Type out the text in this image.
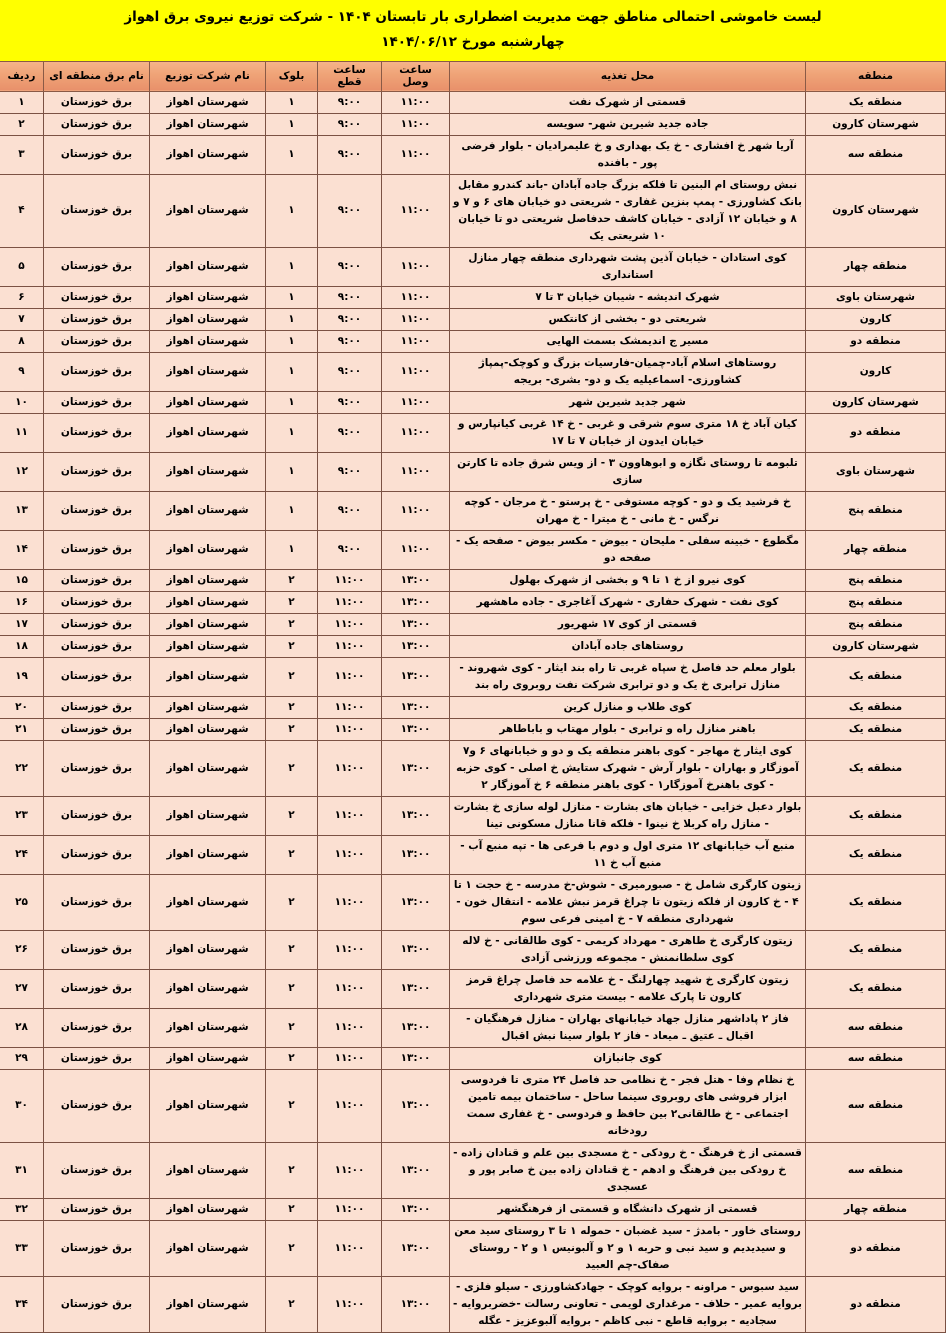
لیست خاموشی احتمالی مناطق جهت مدیریت اضطراری بار تابستان ۱۴۰۴ - شرکت توزیع نیروی برق اهواز
چهارشنبه مورخ ۱۴۰۴/۰۶/۱۲
منطقه	محل تغذیه	ساعت وصل	ساعت قطع	بلوک	نام شرکت توزیع	نام برق منطقه ای	ردیف
منطقه یک	قسمتی از شهرک نفت	۱۱:۰۰	۹:۰۰	۱	شهرستان اهواز	برق خوزستان	۱
شهرستان کارون	جاده جدید شیرین شهر- سویسه	۱۱:۰۰	۹:۰۰	۱	شهرستان اهواز	برق خوزستان	۲
منطقه سه	آریا شهر خ افشاری - خ یک بهداری و خ علیمرادیان - بلوار فرضی پور - بافنده	۱۱:۰۰	۹:۰۰	۱	شهرستان اهواز	برق خوزستان	۳
شهرستان کارون	نبش روستای ام البنین تا فلکه بزرگ جاده آبادان -باند کندرو مقابل بانک کشاورزی - پمپ بنزین غفاری - شریعتی دو خیابان های ۶ و ۷ و ۸ و خیابان ۱۲ آزادی - خیابان کاشف حدفاصل شریعتی دو تا خیابان ۱۰ شریعتی یک	۱۱:۰۰	۹:۰۰	۱	شهرستان اهواز	برق خوزستان	۴
منطقه چهار	کوی استادان - خیابان آذین پشت شهرداری منطقه چهار منازل استانداری	۱۱:۰۰	۹:۰۰	۱	شهرستان اهواز	برق خوزستان	۵
شهرستان باوی	شهرک اندیشه - شیبان خیابان ۳ تا ۷	۱۱:۰۰	۹:۰۰	۱	شهرستان اهواز	برق خوزستان	۶
کارون	شریعتی دو - بخشی از کانتکس	۱۱:۰۰	۹:۰۰	۱	شهرستان اهواز	برق خوزستان	۷
منطقه دو	مسیر ج اندیمشک بسمت الهایی	۱۱:۰۰	۹:۰۰	۱	شهرستان اهواز	برق خوزستان	۸
کارون	روستاهای اسلام آباد-چمیان-فارسیات بزرگ و کوچک-پمپاژ کشاورزی- اسماعیلیه یک و دو- بشری- بریجه	۱۱:۰۰	۹:۰۰	۱	شهرستان اهواز	برق خوزستان	۹
شهرستان کارون	شهر جدید شیرین شهر	۱۱:۰۰	۹:۰۰	۱	شهرستان اهواز	برق خوزستان	۱۰
منطقه دو	کیان آباد خ ۱۸ متری سوم شرقی و غربی - خ ۱۴ غربی کیانپارس و خیابان ایدون از خیابان ۷ تا ۱۷	۱۱:۰۰	۹:۰۰	۱	شهرستان اهواز	برق خوزستان	۱۱
شهرستان باوی	تلبومه تا روستای نگازه و ابوهاوون ۳ - از ویس شرق جاده تا کارتن سازی	۱۱:۰۰	۹:۰۰	۱	شهرستان اهواز	برق خوزستان	۱۲
منطقه پنج	خ فرشید یک و دو - کوچه مستوفی - خ پرستو - خ مرجان - کوچه نرگس - خ مانی - خ میترا - خ مهران	۱۱:۰۰	۹:۰۰	۱	شهرستان اهواز	برق خوزستان	۱۳
منطقه چهار	مگطوع - خبینه سفلی - ملیحان - بیوض - مکسر بیوض - صفحه یک - صفحه دو	۱۱:۰۰	۹:۰۰	۱	شهرستان اهواز	برق خوزستان	۱۴
منطقه پنج	کوی نیرو از خ ۱ تا ۹ و بخشی از شهرک بهلول	۱۳:۰۰	۱۱:۰۰	۲	شهرستان اهواز	برق خوزستان	۱۵
منطقه پنج	کوی نفت - شهرک حفاری - شهرک آغاجری - جاده ماهشهر	۱۳:۰۰	۱۱:۰۰	۲	شهرستان اهواز	برق خوزستان	۱۶
منطقه پنج	قسمتی از کوی ۱۷ شهریور	۱۳:۰۰	۱۱:۰۰	۲	شهرستان اهواز	برق خوزستان	۱۷
شهرستان کارون	روستاهای جاده آبادان	۱۳:۰۰	۱۱:۰۰	۲	شهرستان اهواز	برق خوزستان	۱۸
منطقه یک	بلوار معلم حد فاصل خ سپاه غربی تا راه بند ایثار - کوی شهروند - منازل ترابری خ یک و دو ترابری شرکت نفت روبروی راه بند	۱۳:۰۰	۱۱:۰۰	۲	شهرستان اهواز	برق خوزستان	۱۹
منطقه یک	کوی طلاب و منازل کرین	۱۳:۰۰	۱۱:۰۰	۲	شهرستان اهواز	برق خوزستان	۲۰
منطقه یک	باهنر منازل راه و ترابری - بلوار مهتاب و باباطاهر	۱۳:۰۰	۱۱:۰۰	۲	شهرستان اهواز	برق خوزستان	۲۱
منطقه یک	کوی ایثار خ مهاجر - کوی باهنر منطقه یک و دو و خیابانهای ۶ و۷ آموزگار و بهاران - بلوار آرش - شهرک ستایش خ اصلی - کوی حزبه - کوی باهنرخ آموزگار۱ - کوی باهنر منطقه ۶ خ آموزگار ۲	۱۳:۰۰	۱۱:۰۰	۲	شهرستان اهواز	برق خوزستان	۲۲
منطقه یک	بلوار دعبل خزایی - خیابان های بشارت - منازل لوله سازی خ بشارت - منازل راه کربلا خ نینوا - فلکه قانا منازل مسکونی تینا	۱۳:۰۰	۱۱:۰۰	۲	شهرستان اهواز	برق خوزستان	۲۳
منطقه یک	منبع آب خیابانهای ۱۲ متری اول و دوم با فرعی ها - تپه منبع آب - منبع آب خ ۱۱	۱۳:۰۰	۱۱:۰۰	۲	شهرستان اهواز	برق خوزستان	۲۴
منطقه یک	زیتون کارگری شامل خ - صبورمیری - شوش-خ مدرسه - خ حجت ۱ تا ۴ - خ کارون از فلکه زیتون تا چراغ قرمز نبش علامه - انتقال خون - شهرداری منطقه ۷ - خ امینی فرعی سوم	۱۳:۰۰	۱۱:۰۰	۲	شهرستان اهواز	برق خوزستان	۲۵
منطقه یک	زیتون کارگری خ طاهری - مهرداد کریمی - کوی طالقانی - خ لاله کوی سلطانمنش - مجموعه ورزشی آزادی	۱۳:۰۰	۱۱:۰۰	۲	شهرستان اهواز	برق خوزستان	۲۶
منطقه یک	زیتون کارگری خ شهید چهارلنگ - خ علامه حد فاصل چراغ قرمز کارون تا پارک علامه - بیست متری شهرداری	۱۳:۰۰	۱۱:۰۰	۲	شهرستان اهواز	برق خوزستان	۲۷
منطقه سه	فاز ۲ پاداشهر منازل جهاد خیابانهای بهاران - منازل فرهنگیان - اقبال ـ عتیق ـ میعاد - فاز ۲ بلوار سینا نبش اقبال	۱۳:۰۰	۱۱:۰۰	۲	شهرستان اهواز	برق خوزستان	۲۸
منطقه سه	کوی جانبازان	۱۳:۰۰	۱۱:۰۰	۲	شهرستان اهواز	برق خوزستان	۲۹
منطقه سه	خ نظام وفا - هتل فجر - خ نظامی حد فاصل ۲۴ متری تا فردوسی ابزار فروشی های روبروی سینما ساحل - ساختمان بیمه تامین اجتماعی - خ طالقانی۲ بین حافظ و فردوسی - خ غفاری سمت رودخانه	۱۳:۰۰	۱۱:۰۰	۲	شهرستان اهواز	برق خوزستان	۳۰
منطقه سه	قسمتی از خ فرهنگ - خ رودکی - خ مسجدی بین علم و قنادان زاده - خ رودکی بین فرهنگ و ادهم - خ قنادان زاده بین خ صابر پور و عسجدی	۱۳:۰۰	۱۱:۰۰	۲	شهرستان اهواز	برق خوزستان	۳۱
منطقه چهار	قسمتی از شهرک دانشگاه و قسمتی از فرهنگشهر	۱۳:۰۰	۱۱:۰۰	۲	شهرستان اهواز	برق خوزستان	۳۲
منطقه دو	روستای خاور - بامدژ - سید غضبان - حموله ۱ تا ۳ روستای سید معن و سیدیدیم و سید نبی و حربه ۱ و ۲ و آلبونیس ۱ و ۲ - روستای صفاک-چم العبید	۱۳:۰۰	۱۱:۰۰	۲	شهرستان اهواز	برق خوزستان	۳۳
منطقه دو	سید سبوس - مراونه - بروایه کوچک - جهادکشاورزی - سیلو فلزی - بروایه عمیر - حلاف - مرغداری لویمی - تعاونی رسالت -خضربروایه - سجادیه - بروایه قاطع - نبی کاظم - بروایه آلبوعزیز - عگله	۱۳:۰۰	۱۱:۰۰	۲	شهرستان اهواز	برق خوزستان	۳۴
